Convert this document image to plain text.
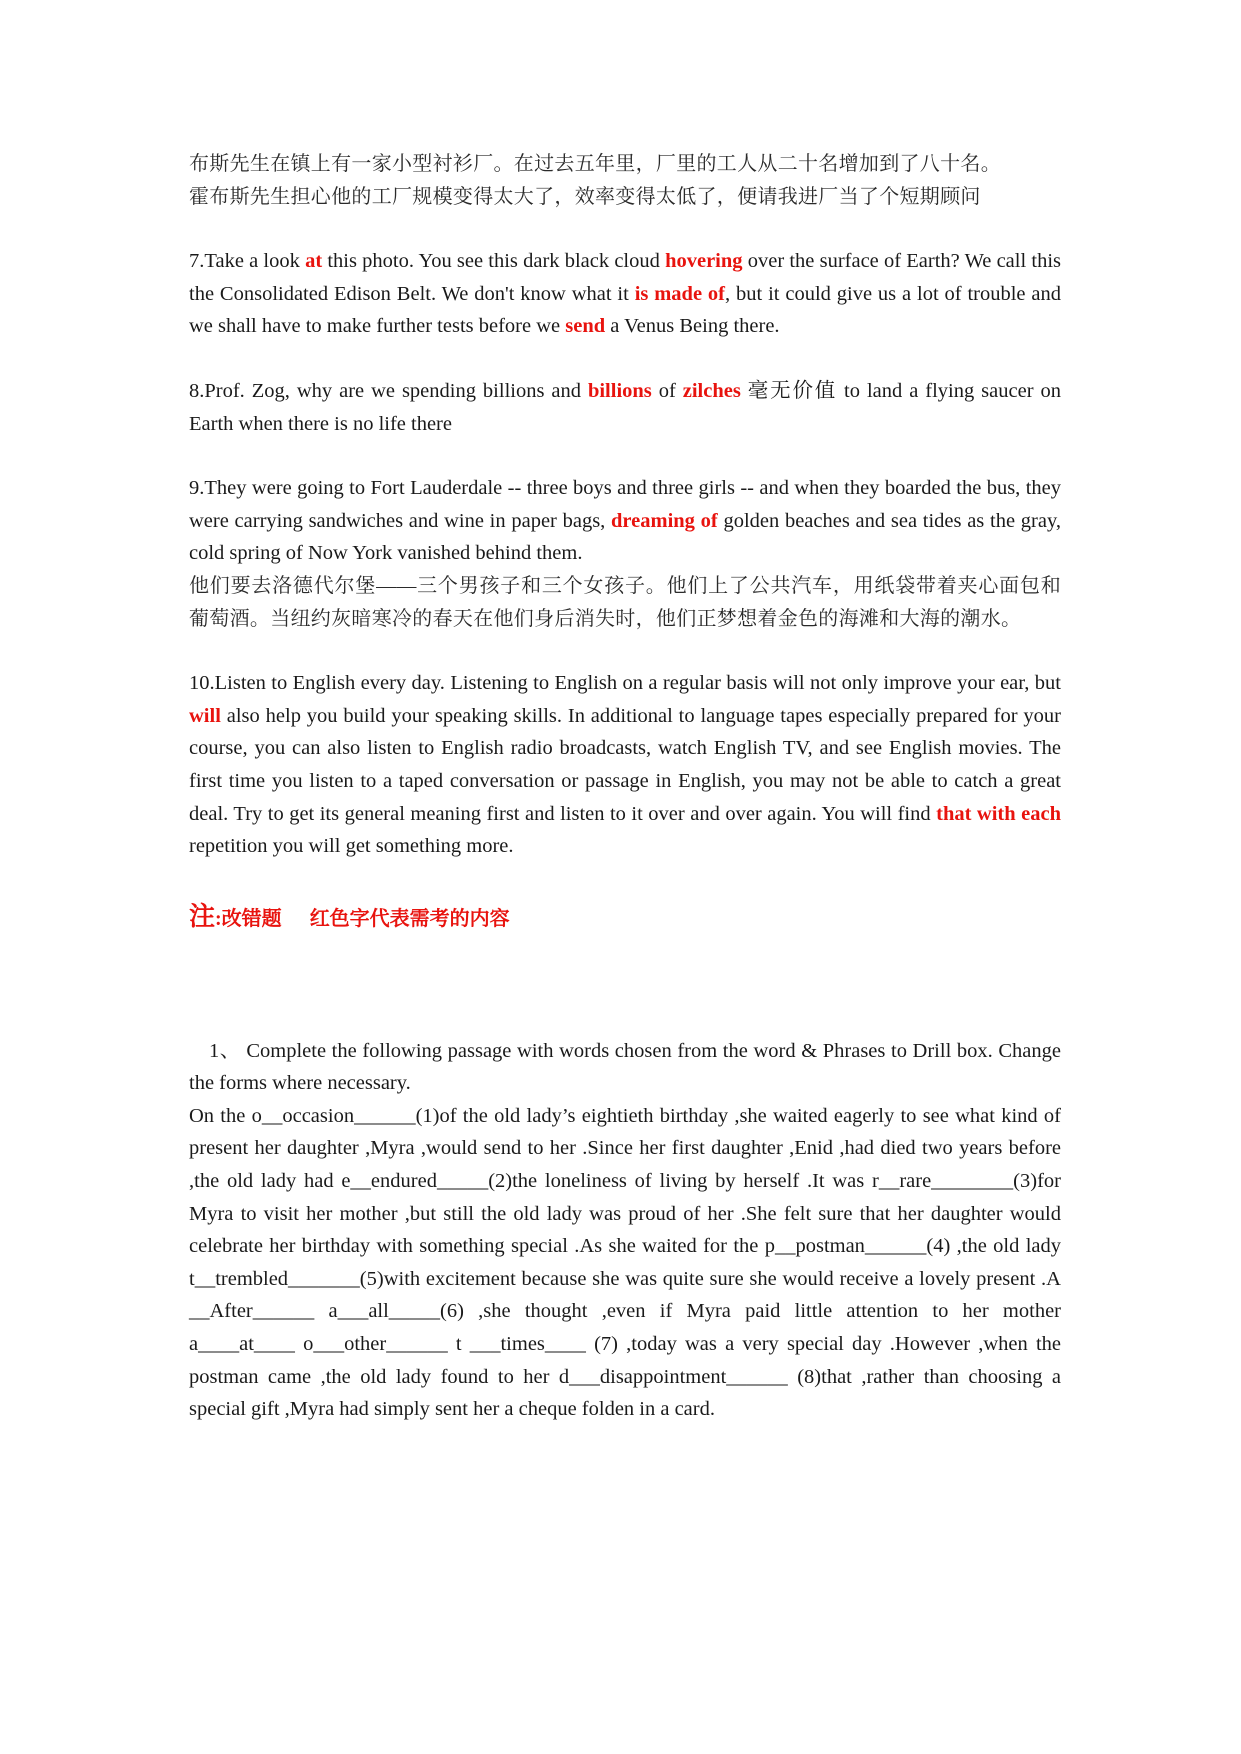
布斯先生在镇上有一家小型衬衫厂。在过去五年里，厂里的工人从二十名增加到了八十名。
霍布斯先生担心他的工厂规模变得太大了，效率变得太低了，便请我进厂当了个短期顾问

7.Take a look at this photo. You see this dark black cloud hovering over the surface of Earth? We call this the Consolidated Edison Belt. We don't know what it is made of, but it could give us a lot of trouble and we shall have to make further tests before we send a Venus Being there.

8.Prof. Zog, why are we spending billions and billions of zilches 毫无价值 to land a flying saucer on Earth when there is no life there

9.They were going to Fort Lauderdale -- three boys and three girls -- and when they boarded the bus, they were carrying sandwiches and wine in paper bags, dreaming of golden beaches and sea tides as the gray, cold spring of Now York vanished behind them.

他们要去洛德代尔堡——三个男孩子和三个女孩子。他们上了公共汽车，用纸袋带着夹心面包和葡萄酒。当纽约灰暗寒冷的春天在他们身后消失时，他们正梦想着金色的海滩和大海的潮水。

10.Listen to English every day. Listening to English on a regular basis will not only improve your ear, but will also help you build your speaking skills. In additional to language tapes especially prepared for your course, you can also listen to English radio broadcasts, watch English TV, and see English movies. The first time you listen to a taped conversation or passage in English, you may not be able to catch a great deal. Try to get its general meaning first and listen to it over and over again. You will find that with each repetition you will get something more.

注:改错题 红色字代表需考的内容

1、 Complete the following passage with words chosen from the word & Phrases to Drill box. Change the forms where necessary.

On the o__occasion______(1)of the old lady’s eightieth birthday ,she waited eagerly to see what kind of present her daughter ,Myra ,would send to her .Since her first daughter ,Enid ,had died two years before ,the old lady had e__endured_____(2)the loneliness of living by herself .It was r__rare________(3)for Myra to visit her mother ,but still the old lady was proud of her .She felt sure that her daughter would celebrate her birthday with something special .As she waited for the p__postman______(4) ,the old lady t__trembled_______(5)with excitement because she was quite sure she would receive a lovely present .A __After______ a___all_____(6) ,she thought ,even if Myra paid little attention to her mother a____at____ o___other______ t ___times____ (7) ,today was a very special day .However ,when the postman came ,the old lady found to her d___disappointment______ (8)that ,rather than choosing a special gift ,Myra had simply sent her a cheque folden in a card.
